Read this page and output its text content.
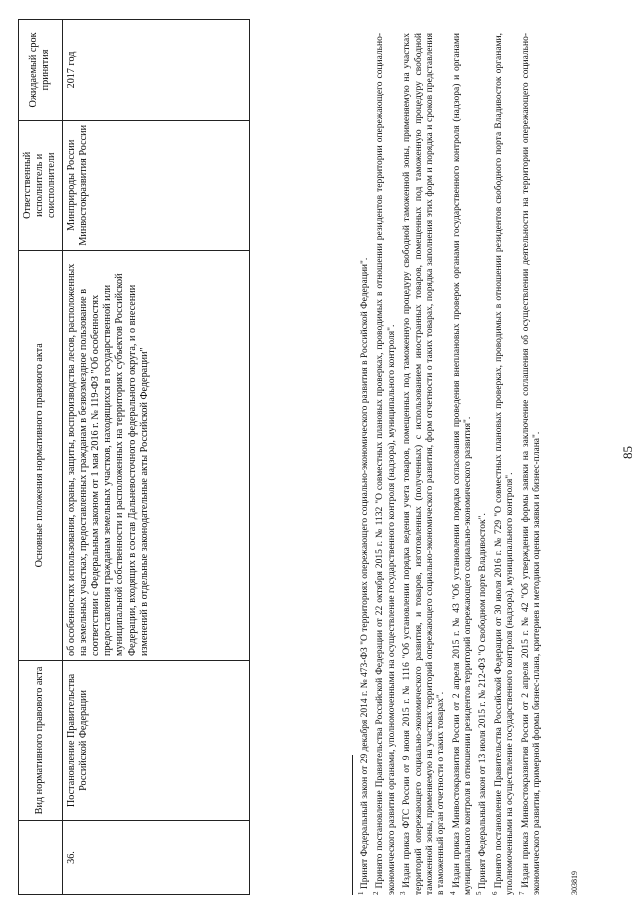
	Вид нормативного правового акта	Основные положения нормативного правового акта	Ответственный исполнитель и соисполнители	Ожидаемый срок принятия
36.	Постановление Правительства Российской Федерации	об особенностях использования, охраны, защиты, воспроизводства лесов, расположенных на земельных участках, предоставленных гражданам в безвозмездное пользование в соответствии с Федеральным законом от 1 мая 2016 г. № 119-ФЗ "Об особенностях предоставления гражданам земельных участков, находящихся в государственной или муниципальной собственности и расположенных на территориях субъектов Российской Федерации, входящих в состав Дальневосточного федерального округа, и о внесении изменений в отдельные законодательные акты Российской Федерации"	Минприроды России Минвостокразвития России	2017 год

$^1$ Принят Федеральный закон от 29 декабря 2014 г. № 473-ФЗ "О территориях опережающего социально-экономического развития в Российской Федерации".

$^2$ Принято постановление Правительства Российской Федерации от 22 октября 2015 г. № 1132 "О совместных плановых проверках, проводимых в отношении резидентов территории опережающего социально-экономического развития органами, уполномоченными на осуществление государственного контроля (надзора), муниципального контроля". $^3$ Издан приказ ФТС России от 9 июня 2015 г. № 1116 "Об установлении порядка ведения учета товаров, помещенных под таможенную процедуру свободной таможенной зоны, применяемую на участках территорий опережающего социально-экономического развития, и товаров, изготовленных (полученных) с использованием иностранных товаров, помещенных под таможенную процедуру свободной таможенной зоны, применяемую на участках территорий опережающего социально-экономического развития, форм отчетности о таких товарах, порядка заполнения этих форм и порядка и сроков представления в таможенный орган отчетности о таких товарах". $^4$ Издан приказ Минвостокразвития России от 2 апреля 2015 г. № 43 "Об установлении порядка согласования проведения внеплановых проверок органами государственного контроля (надзора) и органами муниципального контроля в отношении резидентов территорий опережающего социально-экономического развития". $^5$ Принят Федеральный закон от 13 июля 2015 г. № 212-ФЗ "О свободном порте Владивосток".

$^6$ Принято постановление Правительства Российской Федерации от 30 июля 2016 г. № 729 "О совместных плановых проверках, проводимых в отношении резидентов свободного порта Владивосток органами, уполномоченными на осуществление государственного контроля (надзора), муниципального контроля". $^7$ Издан приказ Минвостокразвития России от 2 апреля 2015 г. № 42 "Об утверждении формы заявки на заключение соглашения об осуществлении деятельности на территории опережающего социально-экономического развития, примерной формы бизнес-плана, критериев и методики оценки заявки и бизнес-плана".	85
303819
